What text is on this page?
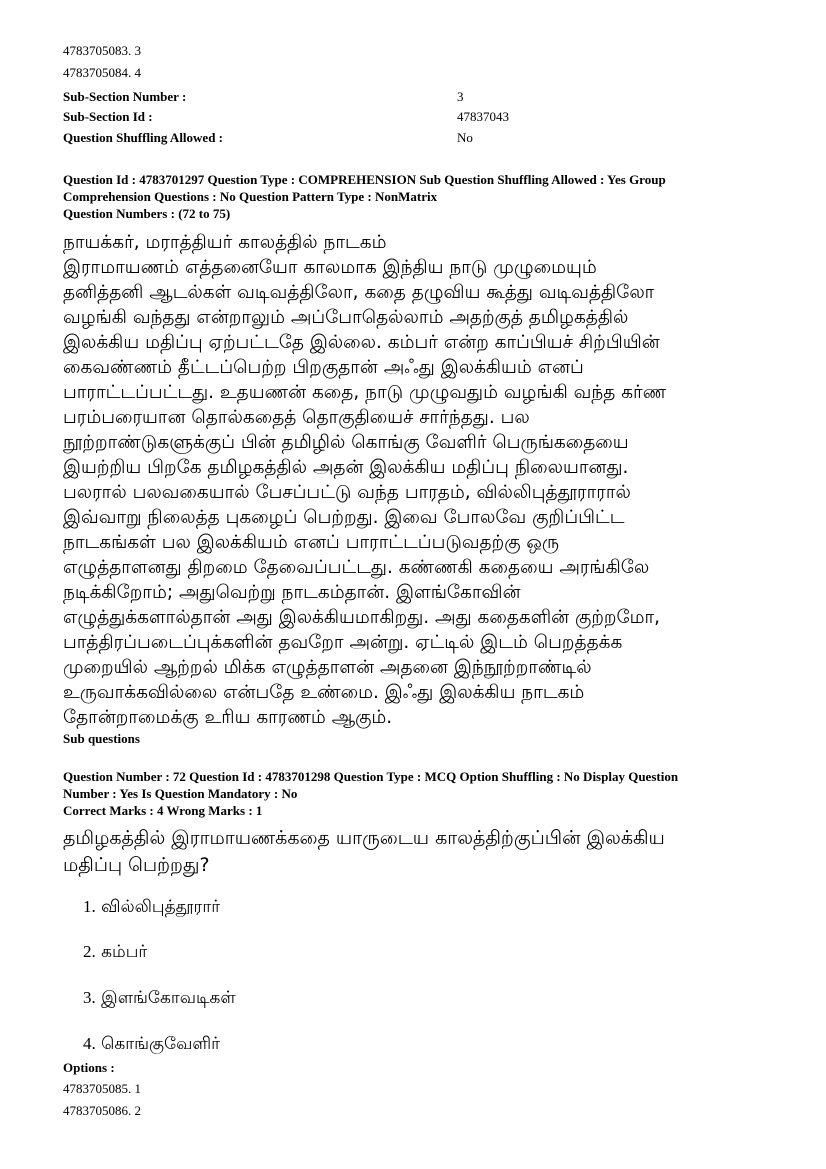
4783705083. 3
4783705084. 4
Sub-Section Number :	3
Sub-Section Id :	47837043
Question Shuffling Allowed :	No
Question Id : 4783701297 Question Type : COMPREHENSION Sub Question Shuffling Allowed : Yes Group
Comprehension Questions : No Question Pattern Type : NonMatrix
Question Numbers : (72 to 75)
நாயக்கர், மராத்தியர் காலத்தில் நாடகம்
இராமாயணம் எத்தனையோ காலமாக இந்திய நாடு முழுமையும்
தனித்தனி ஆடல்கள் வடிவத்திலோ, கதை தழுவிய கூத்து வடிவத்திலோ
வழங்கி வந்தது என்றாலும் அப்போதெல்லாம் அதற்குத் தமிழகத்தில்
இலக்கிய மதிப்பு ஏற்பட்டதே இல்லை. கம்பர் என்ற காப்பியச் சிற்பியின்
கைவண்ணம் தீட்டப்பெற்ற பிறகுதான் அஃது இலக்கியம் எனப்
பாராட்டப்பட்டது. உதயணன் கதை, நாடு முழுவதும் வழங்கி வந்த கர்ண
பரம்பரையான தொல்கதைத் தொகுதியைச் சார்ந்தது. பல
நூற்றாண்டுகளுக்குப் பின் தமிழில் கொங்கு வேளிர் பெருங்கதையை
இயற்றிய பிறகே தமிழகத்தில் அதன் இலக்கிய மதிப்பு நிலையானது.
பலரால் பலவகையால் பேசப்பட்டு வந்த பாரதம், வில்லிபுத்தூராரால்
இவ்வாறு நிலைத்த புகழைப் பெற்றது. இவை போலவே குறிப்பிட்ட
நாடகங்கள் பல இலக்கியம் எனப் பாராட்டப்படுவதற்கு ஒரு
எழுத்தாளனது திறமை தேவைப்பட்டது. கண்ணகி கதையை அரங்கிலே
நடிக்கிறோம்; அதுவெற்று நாடகம்தான். இளங்கோவின்
எழுத்துக்களால்தான் அது இலக்கியமாகிறது. அது கதைகளின் குற்றமோ,
பாத்திரப்படைப்புக்களின் தவறோ அன்று. ஏட்டில் இடம் பெறத்தக்க
முறையில் ஆற்றல் மிக்க எழுத்தாளன் அதனை இந்நூற்றாண்டில்
உருவாக்கவில்லை என்பதே உண்மை. இஃது இலக்கிய நாடகம்
தோன்றாமைக்கு உரிய காரணம் ஆகும்.
Sub questions
Question Number : 72 Question Id : 4783701298 Question Type : MCQ Option Shuffling : No Display Question
Number : Yes Is Question Mandatory : No
Correct Marks : 4 Wrong Marks : 1
தமிழகத்தில் இராமாயணக்கதை யாருடைய காலத்திற்குப்பின் இலக்கிய
மதிப்பு பெற்றது?
1. வில்லிபுத்தூரார்
2. கம்பர்
3. இளங்கோவடிகள்
4. கொங்குவேளிர்
Options :
4783705085. 1
4783705086. 2
